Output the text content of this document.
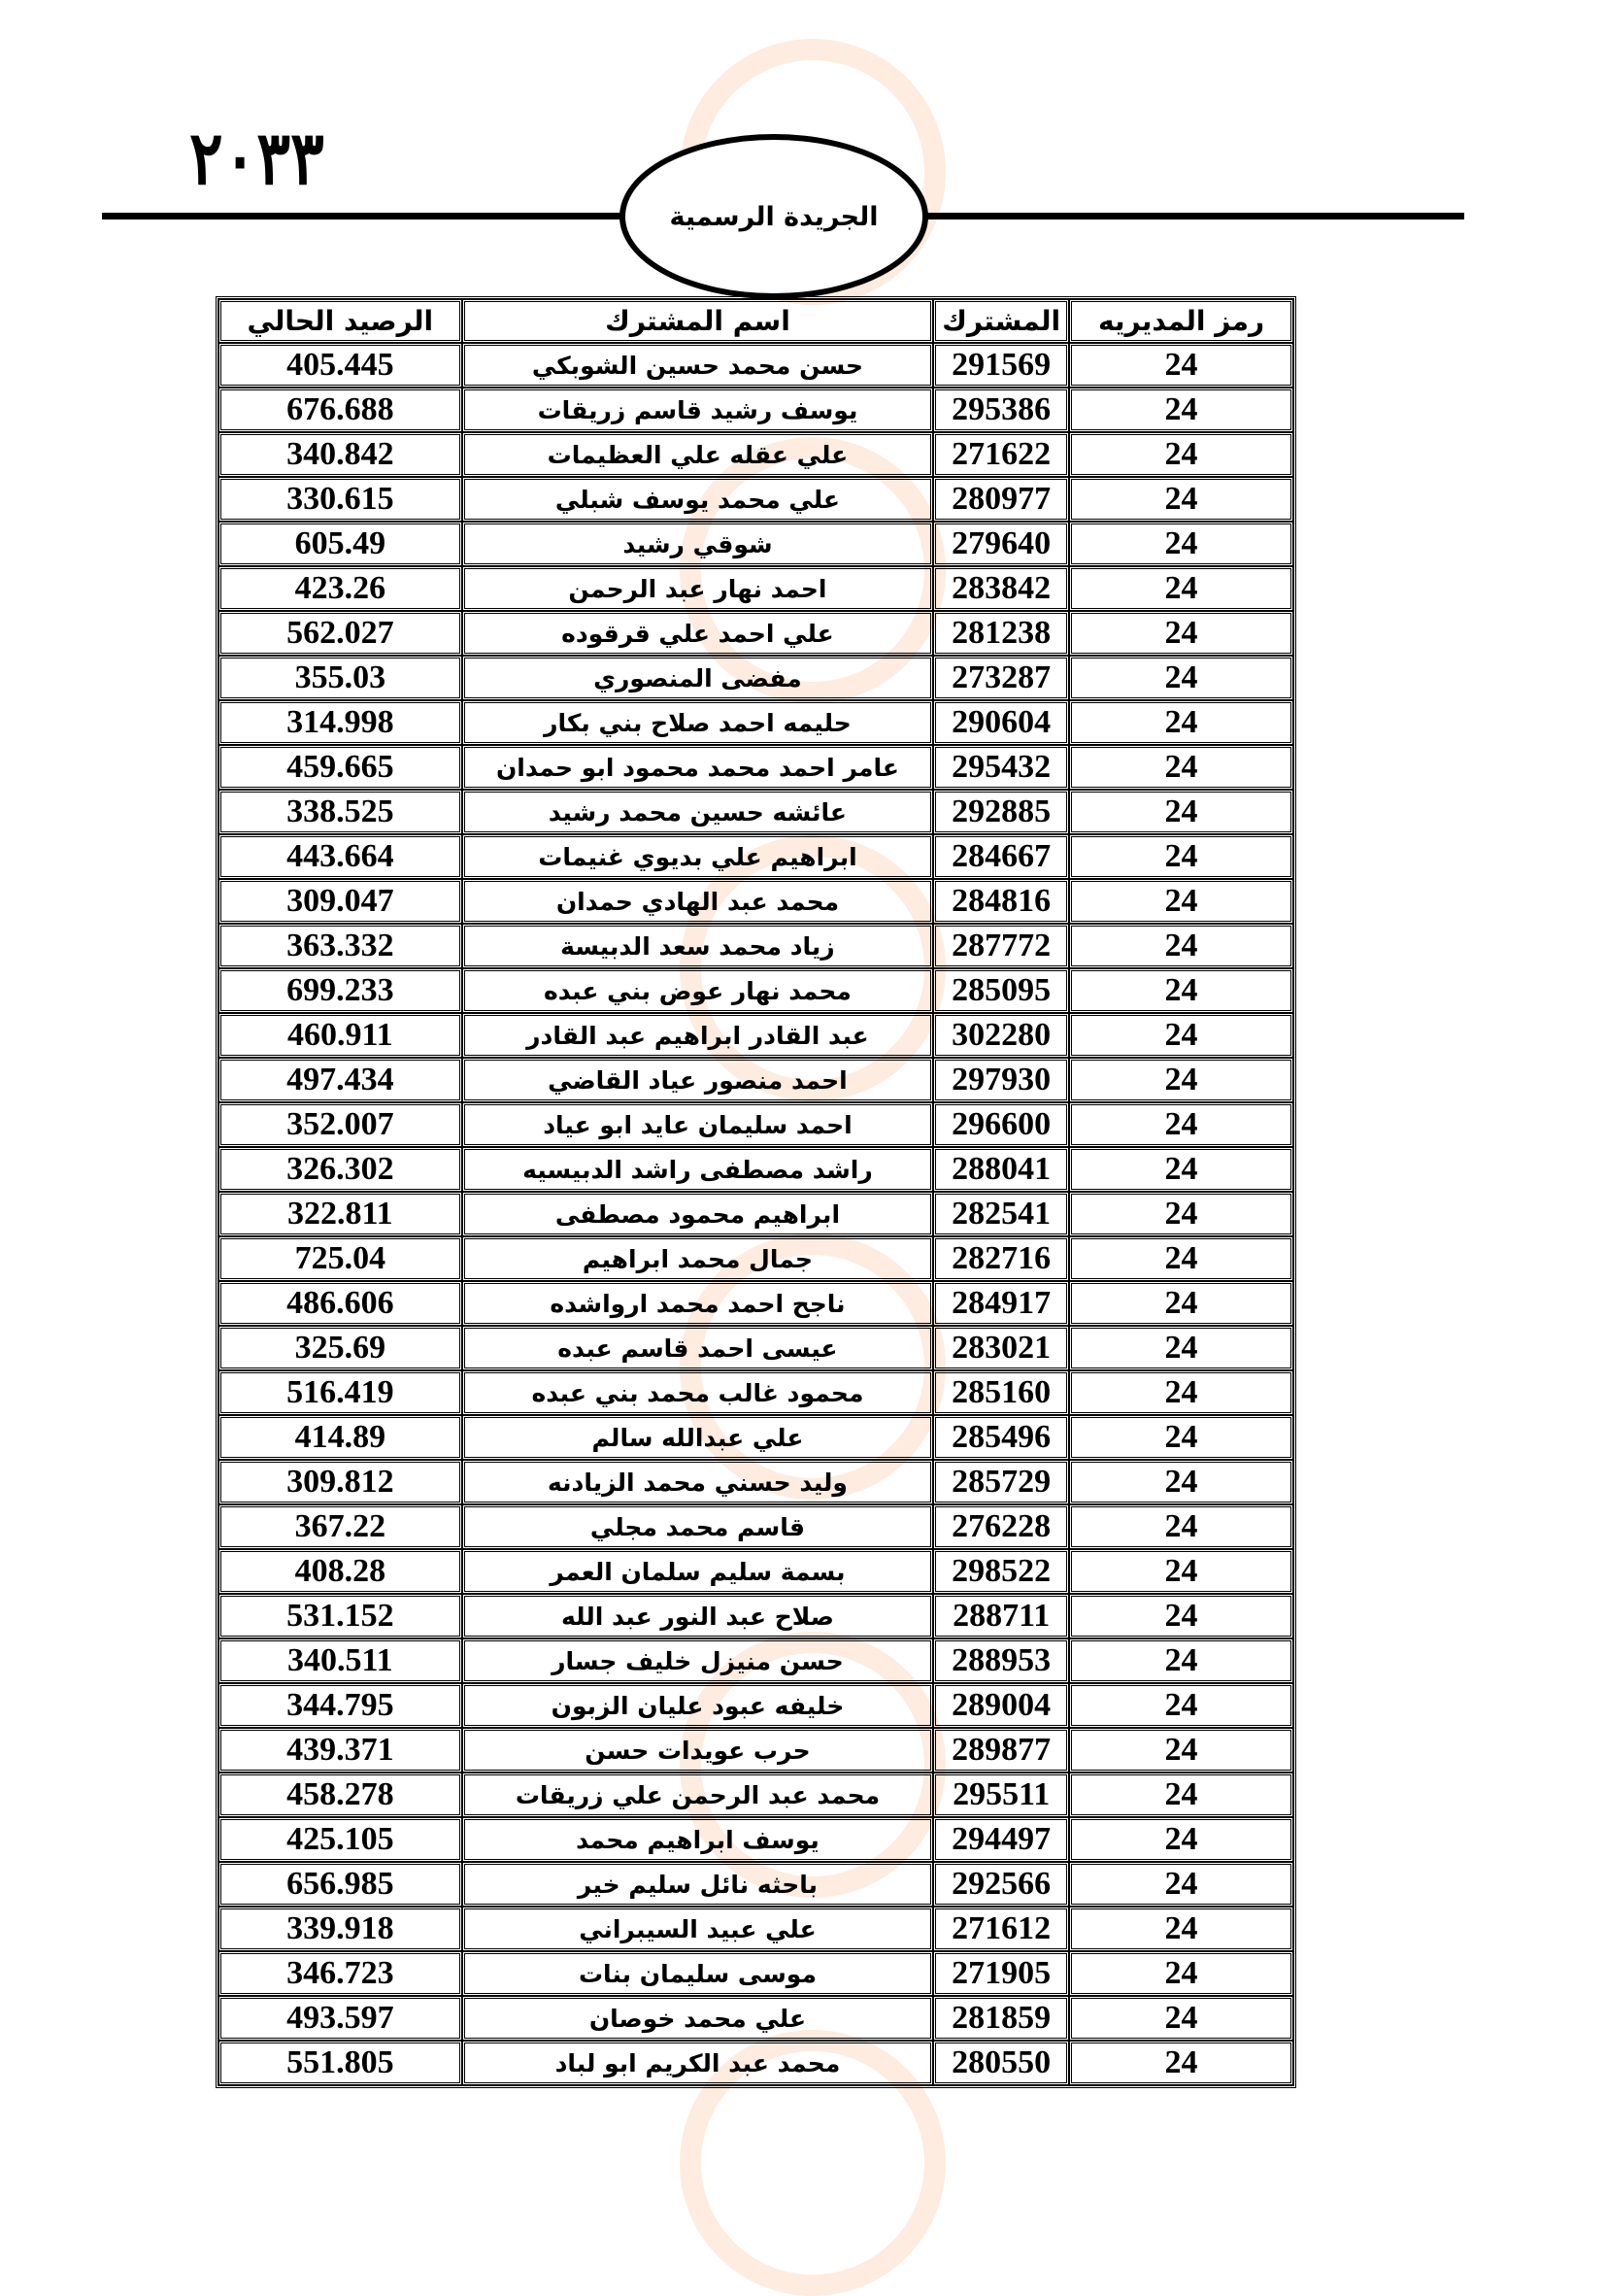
٢٠٣٣
الجريدة الرسمية
الرصيد الحالي	اسم المشترك	المشترك	رمز المديريه
405.445	حسن محمد حسين الشوبكي	291569	24
676.688	يوسف رشيد قاسم زريقات	295386	24
340.842	علي عقله علي العظيمات	271622	24
330.615	علي محمد يوسف شبلي	280977	24
605.49	شوقي رشيد	279640	24
423.26	احمد نهار عبد الرحمن	283842	24
562.027	علي احمد علي قرقوده	281238	24
355.03	مفضى المنصوري	273287	24
314.998	حليمه احمد صلاح بني بكار	290604	24
459.665	عامر احمد محمد محمود ابو حمدان	295432	24
338.525	عائشه حسين محمد رشيد	292885	24
443.664	ابراهيم علي بديوي غنيمات	284667	24
309.047	محمد عبد الهادي حمدان	284816	24
363.332	زياد محمد سعد الدبيسة	287772	24
699.233	محمد نهار عوض بني عبده	285095	24
460.911	عبد القادر ابراهيم عبد القادر	302280	24
497.434	احمد منصور عياد القاضي	297930	24
352.007	احمد سليمان عايد ابو عياد	296600	24
326.302	راشد مصطفى راشد الدبيسيه	288041	24
322.811	ابراهيم محمود مصطفى	282541	24
725.04	جمال محمد ابراهيم	282716	24
486.606	ناجح احمد محمد ارواشده	284917	24
325.69	عيسى احمد قاسم عبده	283021	24
516.419	محمود غالب محمد بني عبده	285160	24
414.89	علي عبدالله سالم	285496	24
309.812	وليد حسني محمد الزيادنه	285729	24
367.22	قاسم محمد مجلي	276228	24
408.28	بسمة سليم سلمان العمر	298522	24
531.152	صلاح عبد النور عبد الله	288711	24
340.511	حسن منيزل خليف جسار	288953	24
344.795	خليفه عبود عليان الزبون	289004	24
439.371	حرب عويدات حسن	289877	24
458.278	محمد عبد الرحمن علي زريقات	295511	24
425.105	يوسف ابراهيم محمد	294497	24
656.985	باحثه نائل سليم خير	292566	24
339.918	علي عبيد السيبراني	271612	24
346.723	موسى سليمان بنات	271905	24
493.597	علي محمد خوصان	281859	24
551.805	محمد عبد الكريم ابو لباد	280550	24
